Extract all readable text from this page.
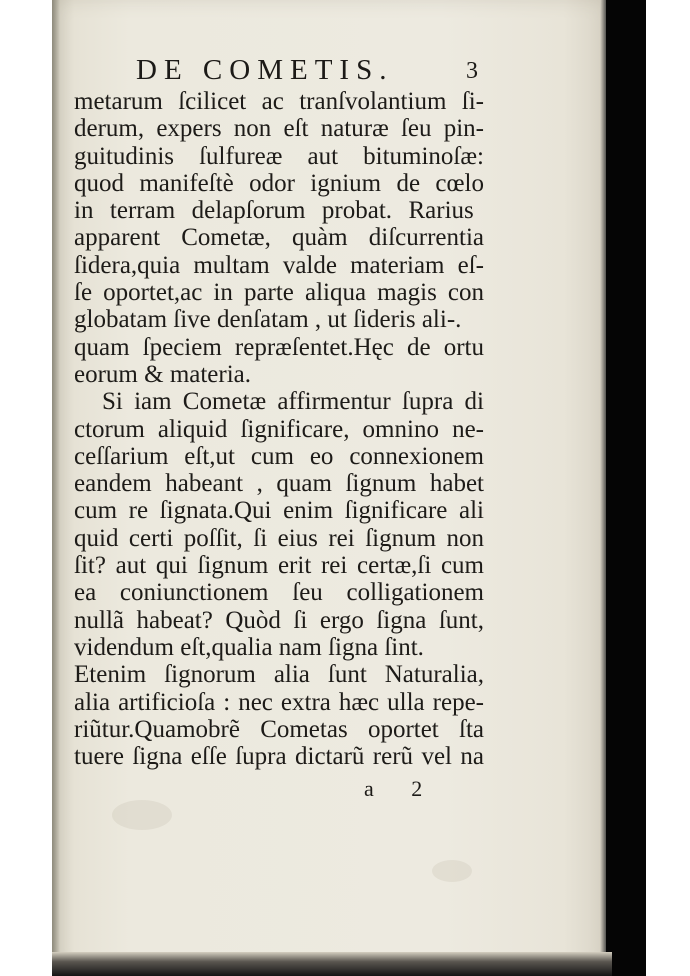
DE COMETIS.	3
metarum ſcilicet ac tranſvolantium ſi-
derum, expers non eſt naturæ ſeu pin-
guitudinis ſulfureæ aut bituminoſæ:
quod manifeſtè odor ignium de cœlo
in terram delapſorum probat. Rarius
apparent Cometæ, quàm diſcurrentia
ſidera,quia multam valde materiam eſ-
ſe oportet,ac in parte aliqua magis con
globatam ſive denſatam , ut ſideris ali-.
quam ſpeciem repræſentet.Hęc de ortu
eorum & materia.
Si iam Cometæ affirmentur ſupra di
ctorum aliquid ſignificare, omnino ne-
ceſſarium eſt,ut cum eo connexionem
eandem habeant , quam ſignum habet
cum re ſignata.Qui enim ſignificare ali
quid certi poſſit, ſi eius rei ſignum non
ſit? aut qui ſignum erit rei certæ,ſi cum
ea coniunctionem ſeu colligationem
nullã habeat? Quòd ſi ergo ſigna ſunt,
videndum eſt,qualia nam ſigna ſint.
Etenim ſignorum alia ſunt Naturalia,
alia artificioſa : nec extra hæc ulla repe-
riũtur.Quamobrẽ Cometas oportet ſta
tuere ſigna eſſe ſupra dictarũ rerũ vel na
a 2
